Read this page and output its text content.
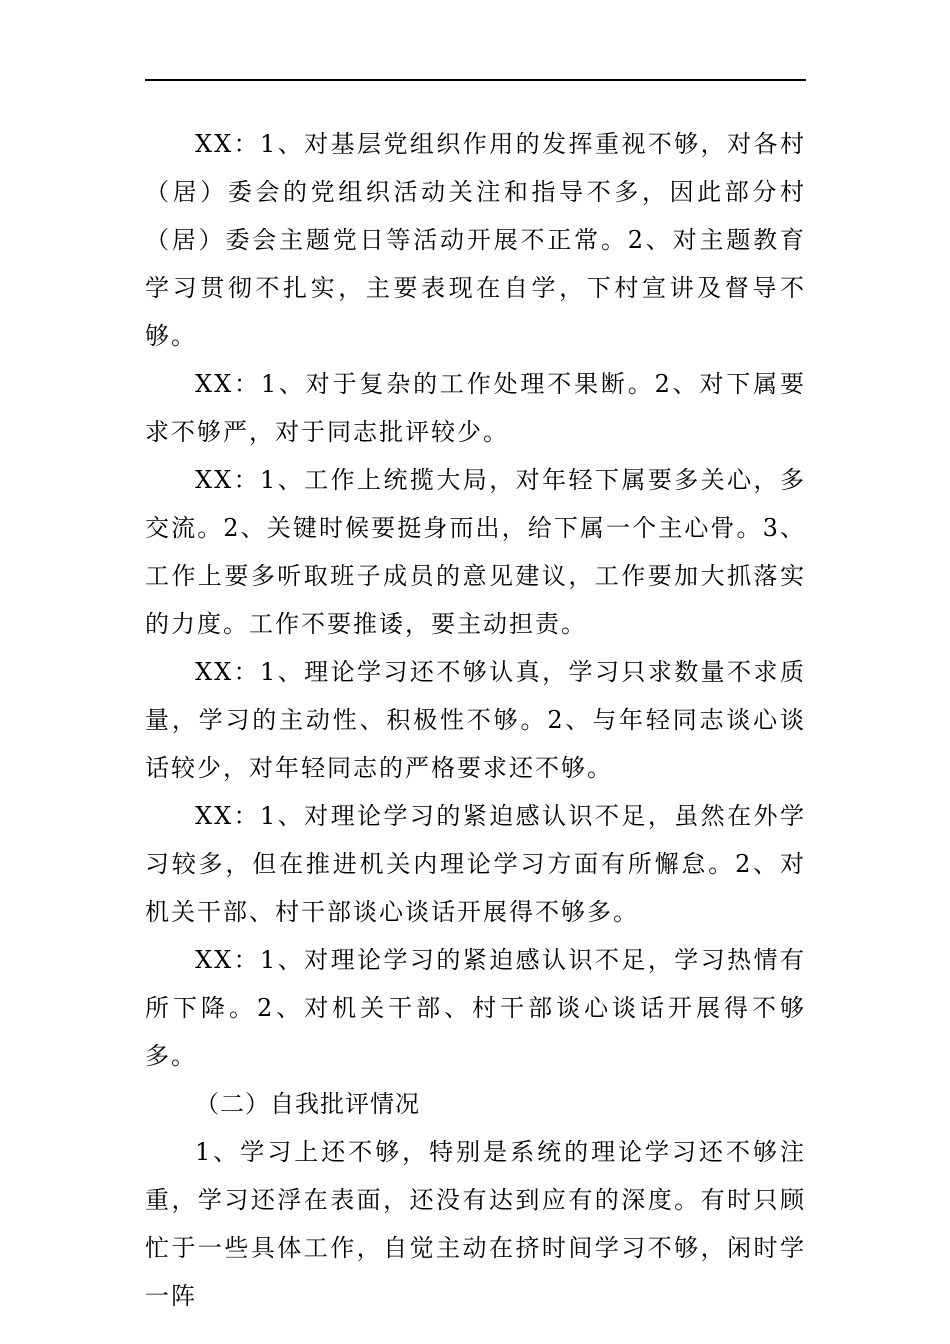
XX：1、对基层党组织作用的发挥重视不够，对各村（居）委会的党组织活动关注和指导不多，因此部分村（居）委会主题党日等活动开展不正常。2、对主题教育学习贯彻不扎实，主要表现在自学，下村宣讲及督导不够。

XX：1、对于复杂的工作处理不果断。2、对下属要求不够严，对于同志批评较少。

XX：1、工作上统揽大局，对年轻下属要多关心，多交流。2、关键时候要挺身而出，给下属一个主心骨。3、工作上要多听取班子成员的意见建议，工作要加大抓落实的力度。工作不要推诿，要主动担责。

XX：1、理论学习还不够认真，学习只求数量不求质量，学习的主动性、积极性不够。2、与年轻同志谈心谈话较少，对年轻同志的严格要求还不够。

XX：1、对理论学习的紧迫感认识不足，虽然在外学习较多，但在推进机关内理论学习方面有所懈怠。2、对机关干部、村干部谈心谈话开展得不够多。

XX：1、对理论学习的紧迫感认识不足，学习热情有所下降。2、对机关干部、村干部谈心谈话开展得不够多。

（二）自我批评情况

1、学习上还不够，特别是系统的理论学习还不够注重，学习还浮在表面，还没有达到应有的深度。有时只顾忙于一些具体工作，自觉主动在挤时间学习不够，闲时学一阵
